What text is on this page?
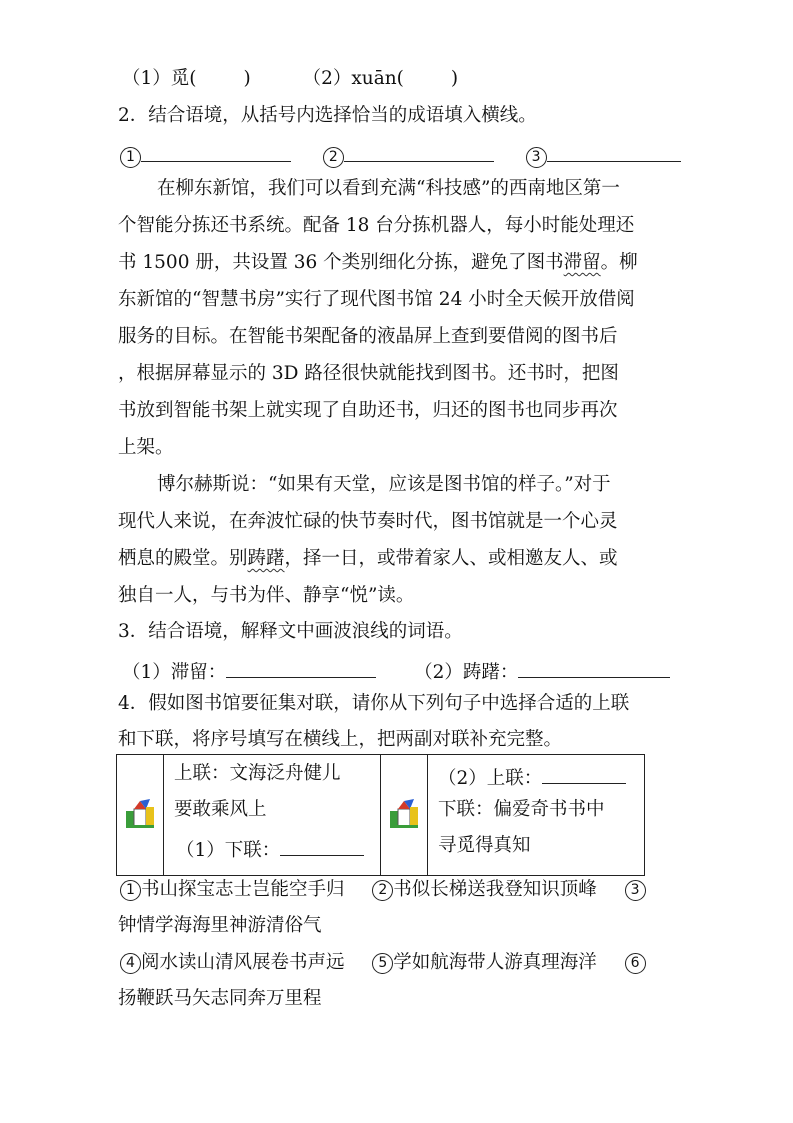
（1）觅(        )	（2）xuān(        )
2．结合语境，从括号内选择恰当的成语填入横线。
1	2	3
在柳东新馆，我们可以看到充满“科技感”的西南地区第一
个智能分拣还书系统。配备 18 台分拣机器人，每小时能处理还
书 1500 册，共设置 36 个类别细化分拣，避免了图书滞留。柳
东新馆的“智慧书房”实行了现代图书馆 24 小时全天候开放借阅
服务的目标。在智能书架配备的液晶屏上查到要借阅的图书后
，根据屏幕显示的 3D 路径很快就能找到图书。还书时，把图
书放到智能书架上就实现了自助还书，归还的图书也同步再次
上架。
博尔赫斯说：“如果有天堂，应该是图书馆的样子。”对于
现代人来说，在奔波忙碌的快节奏时代，图书馆就是一个心灵
栖息的殿堂。别踌躇，择一日，或带着家人、或相邀友人、或
独自一人，与书为伴、静享“悦”读。
3．结合语境，解释文中画波浪线的词语。
（1）滞留：	（2）踌躇：
4．假如图书馆要征集对联，请你从下列句子中选择合适的上联
和下联，将序号填写在横线上，把两副对联补充完整。

上联：文海泛舟健儿
要敢乘风上
（1）下联：

（2）上联：
下联：偏爱奇书书中
寻觅得真知
1 书山探宝志士岂能空手归 2 书似长梯送我登知识顶峰 3
钟情学海海里神游清俗气
4 阅水读山清风展卷书声远 5 学如航海带人游真理海洋 6
扬鞭跃马矢志同奔万里程
